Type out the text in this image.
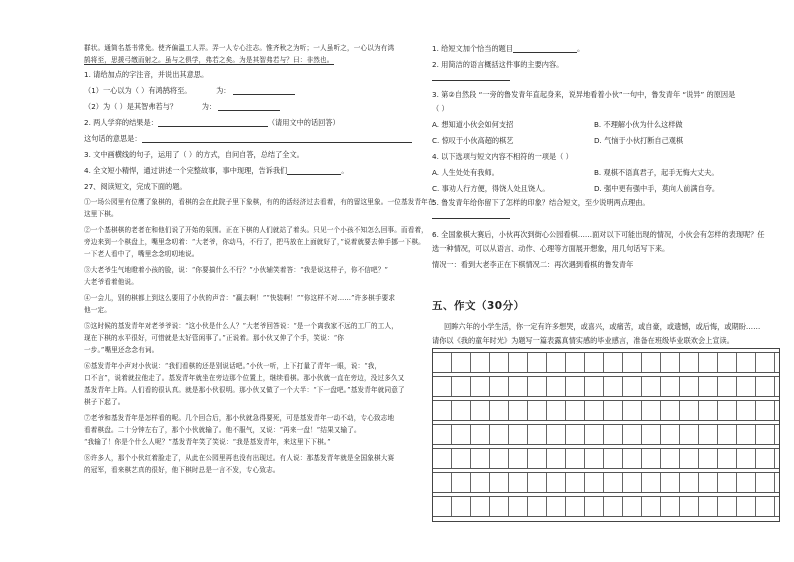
群状。通简名基书常免。使齐偏温工人弄。弄一人专心注志。惟齐秋之为听；一人虽听之，一心以为有鸿
鹄将至，思援弓缴而射之。虽与之俱学，弗若之矣。为是其智弗若与？曰：非然也。
1. 请给加点的字注音，并说出其意思。
（1）一心以为（ ）有鸿鹄将至。	为：
（2）为（ ）是其智弗若与？	为：
2. 两人学弈的结果是：	（请用文中的话回答）
这句话的意思是：
3. 文中画横线的句子，运用了（ ）的方式，自问自答，总结了全文。
4. 全文短小精悍，通过讲述一个完整故事，事中现理，告诉我们	。
27、阅读短文，完成下面的题。
①一场公园里有位鹰了象棋的，看棋的会在此院子里下象棋，有的的活经济过去看着，有的留这里象。一位基发青年在
这里下棋。
②一个基棋棋的老者在和他们说了开始的氛围。正在下棋的人们就站了着头。只见一个小孩不知怎么回事。而看着，
旁边来到一个棋盘上，嘴里念叨着：“大老爷，你动马，不行了，把马放在上面就好了，”说着就要去伸手挪一下棋。
一下老人看中了，嘴里念念叨叨地说。
③大老爷生气地瞪着小孩的脸，说：“你要搞什么不行？”小伙辅笑着答：“我是说这样子，你不信吧？”
大老爷看着他说。
④一会儿，别的棋都上到这么要用了小伙的声音：“赢去啊！”“快装啊！”“你这样不对……”许多棋手要求
他一定。
⑤这时候的基发青年对老爷爷说：“这小伙是什么人？”大老爷回答说：“是一个离我家不远的工厂的工人，
现在下棋的水平很好，可惜就是太好管闲事了。”正说着。那小伙又伸了个手，笑说：“你
一步。”嘴里还念念有词。
⑥基发青年小声对小伙说：“我们看棋的还是别说话吧。”小伙一听，上下打量了青年一眼，说：“我，
口不言”，说着就拉他走了。基发青年就坐在旁边那个位置上，继续看棋。那小伙就一直在旁边，没过多久又
基发青年上阵。人们看的很认真。就是那小伙很明。那小伙又做了一个大半：“下一盘吧。”基发青年就同意了
棋子下起了。
⑦老爷和基发青年是怎样看的呢。几个回合后，那小伙就急得要死，可是基发青年一动不动，专心致志地
看着棋盘。二十分钟左右了，那个小伙就输了。他不服气，又说：“再来一盘！”结果又输了。
“我输了！你是个什么人呢？”基发青年笑了笑说：“我是基发青年，来这里下下棋。”
⑧许多人，那个小伙红着脸走了，从此在公园里再也没有出现过。有人说：那基发青年就是全国象棋大赛
的冠军，看来棋艺真的很好，他下棋时总是一言不发，专心致志。
1. 给短文加个恰当的题目	。
2. 用简洁的语言概括这件事的主要内容。
3. 第②自然段 “一旁的鲁发青年直起身来，说异地看着小伙”一句中，鲁发青年 “说异” 的原因是
（ ）
A. 想知道小伙会如何支招	B. 不理解小伙为什么这样做
C. 惊叹于小伙高超的棋艺	D. 气恼于小伙打断自己观棋
4. 以下选项与短文内容不相符的一项是（ ）
A. 人生处处有我师。	B. 观棋不语真君子，起手无悔大丈夫。
C. 事劝人行方便，得饶人处且饶人。	D. 强中更有强中手，莫向人前满自夸。
5. 鲁发青年给你留下了怎样的印象？结合短文，至少说明两点理由。
6. 全国象棋大赛后，小伙再次到街心公园看棋……面对以下可能出现的情况，小伙会有怎样的表现呢？任
选一种情况，可以从语言、动作、心理等方面展开想象，用几句话写下来。
情况一：看到大老李正在下棋情况二：再次遇到看棋的鲁发青年
五、作文（30分）
回眸六年的小学生活，你一定有许多想哭，或喜兴，或痛苦，或自豪，或遗憾，或后悔，或期盼……
请你以《我的童年时光》为题写一篇表露真情实感的毕业感言，准备在班级毕业联欢会上宣读。
